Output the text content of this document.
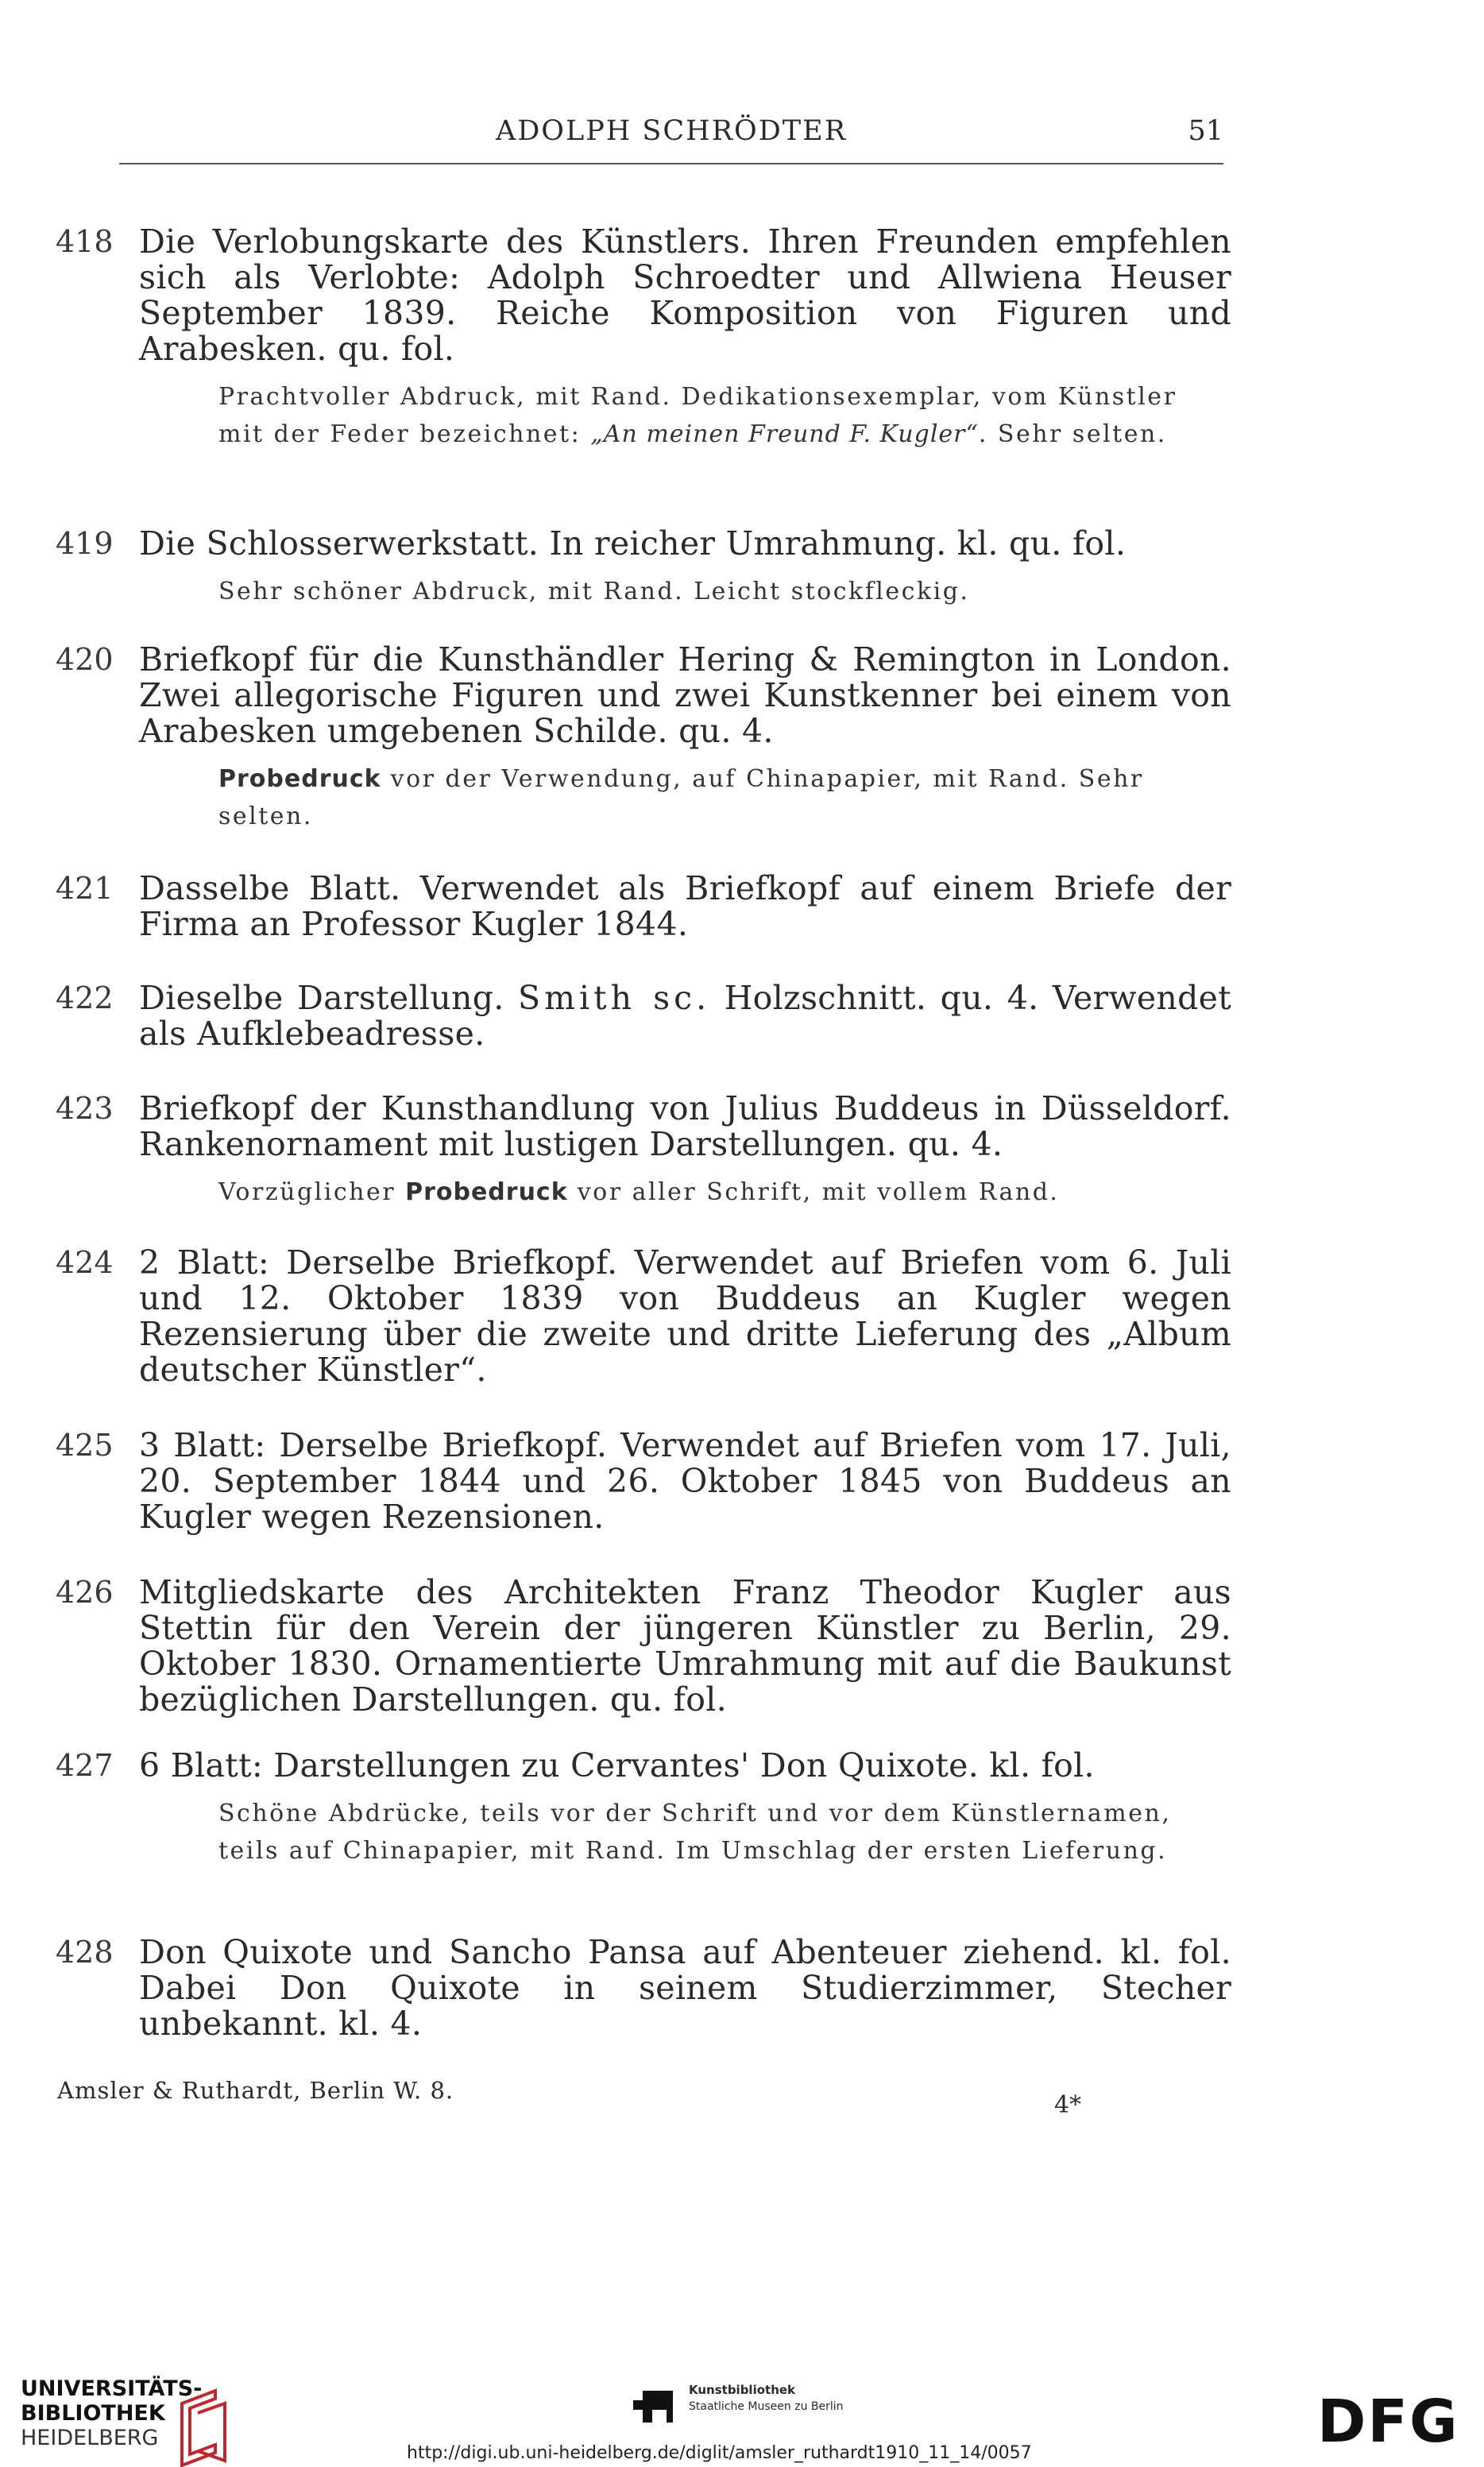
ADOLPH SCHRÖDTER	51
418 Die Verlobungskarte des Künstlers. Ihren Freunden empfehlen sich als Verlobte: Adolph Schroedter und Allwiena Heuser September 1839. Reiche Komposition von Figuren und Arabesken. qu. fol.
Prachtvoller Abdruck, mit Rand. Dedikationsexemplar, vom Künstler mit der Feder bezeichnet: „An meinen Freund F. Kugler“. Sehr selten.
419 Die Schlosserwerkstatt. In reicher Umrahmung. kl. qu. fol.
Sehr schöner Abdruck, mit Rand. Leicht stockfleckig.
420 Briefkopf für die Kunsthändler Hering & Remington in London. Zwei allegorische Figuren und zwei Kunstkenner bei einem von Arabesken umgebenen Schilde. qu. 4.
Probedruck vor der Verwendung, auf Chinapapier, mit Rand. Sehr selten.
421 Dasselbe Blatt. Verwendet als Briefkopf auf einem Briefe der Firma an Professor Kugler 1844.
422 Dieselbe Darstellung. Smith sc. Holzschnitt. qu. 4. Verwendet als Aufklebeadresse.
423 Briefkopf der Kunsthandlung von Julius Buddeus in Düsseldorf. Rankenornament mit lustigen Darstellungen. qu. 4.
Vorzüglicher Probedruck vor aller Schrift, mit vollem Rand.
424 2 Blatt: Derselbe Briefkopf. Verwendet auf Briefen vom 6. Juli und 12. Oktober 1839 von Buddeus an Kugler wegen Rezensierung über die zweite und dritte Lieferung des „Album deutscher Künstler“.
425 3 Blatt: Derselbe Briefkopf. Verwendet auf Briefen vom 17. Juli, 20. September 1844 und 26. Oktober 1845 von Buddeus an Kugler wegen Rezensionen.
426 Mitgliedskarte des Architekten Franz Theodor Kugler aus Stettin für den Verein der jüngeren Künstler zu Berlin, 29. Oktober 1830. Ornamentierte Umrahmung mit auf die Baukunst bezüglichen Darstellungen. qu. fol.
427 6 Blatt: Darstellungen zu Cervantes' Don Quixote. kl. fol.
Schöne Abdrücke, teils vor der Schrift und vor dem Künstlernamen, teils auf Chinapapier, mit Rand. Im Umschlag der ersten Lieferung.
428 Don Quixote und Sancho Pansa auf Abenteuer ziehend. kl. fol. Dabei Don Quixote in seinem Studierzimmer, Stecher unbekannt. kl. 4.
Amsler & Ruthardt, Berlin W. 8.
4*
UNIVERSITÄTS-
BIBLIOTHEK
HEIDELBERG
Kunstbibliothek
Staatliche Museen zu Berlin	DFG
http://digi.ub.uni-heidelberg.de/diglit/amsler_ruthardt1910_11_14/0057
